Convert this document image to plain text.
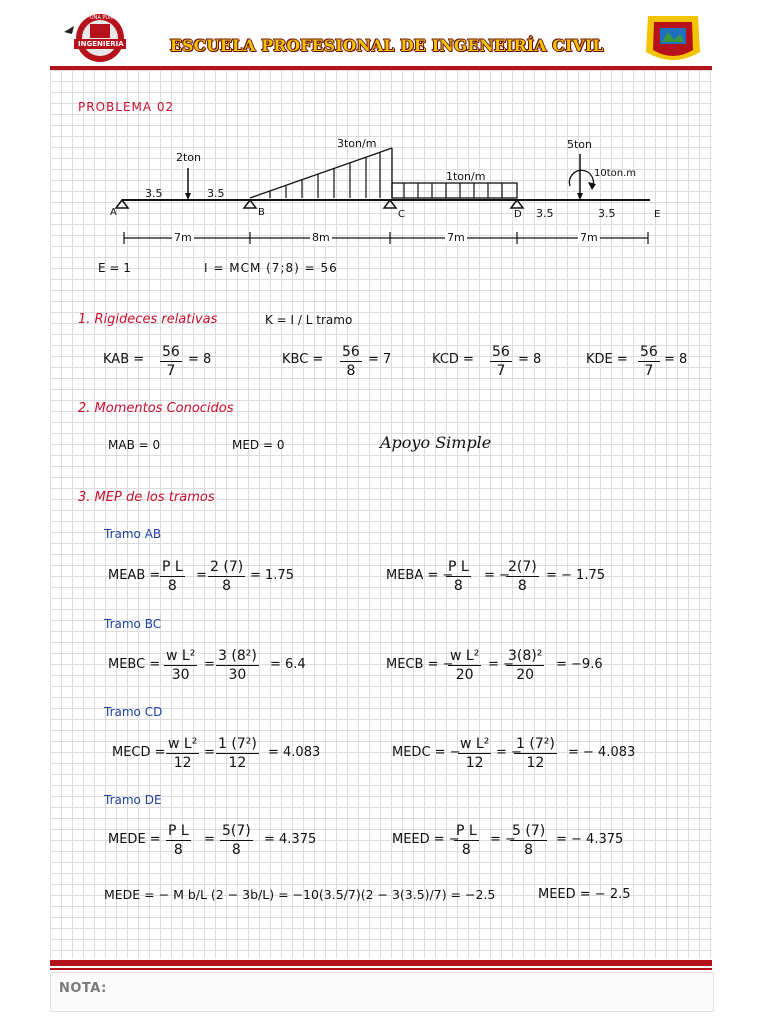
INGENIERIA CIVIL
UNA PUNO
ESCUELA PROFESIONAL DE INGENEIRÍA CIVIL
PROBLEMA 02
2ton
3.5	3.5
3ton/m
1ton/m
5ton
10ton.m
3.5	3.5
A	B	C	D	E
7m	8m	7m	7m
E = 1	I = MCM (7;8) = 56
1. Rigideces relativas	K = I / L tramo
KAB = $\frac{56}{7} = 8$	KBC = $\frac{56}{8} = 7$	KCD = $\frac{56}{7} = 8$	KDE = $\frac{56}{7} = 8$
2. Momentos Conocidos
MAB = 0	MED = 0	Apoyo Simple
3. MEP de los tramos
Tramo AB
MEAB = $\frac{\text{P L}}{8} = \frac{2 (7)}{8} = 1.75$	MEBA = −
$\frac{\text{P L}}{8}$ = −
$\frac{2(7)}{8}$ = − 1.75
Tramo BC
MEBC = $\frac{\text{w L²}}{30} = \frac{\text{3 (8²)}}{30} = 6.4$	MECB = −
$\frac{\text{w L²}}{20}$ = −
$\frac{\text{3(8)²}}{20} = -9.6$
Tramo CD
MECD = $\frac{\text{w L²}}{12} = \frac{\text{1 (7²)}}{12} = 4.083$	MEDC = −
$\frac{\text{w L²}}{12}$ = −
$\frac{\text{1 (7²)}}{12}$ = − 4.083
Tramo DE
MEDE = $\frac{\text{P L}}{8} = \frac{5(7)}{8} = 4.375$	MEED = −
$\frac{\text{P L}}{8}$ = −
$\frac{5 (7)}{8}$ = − 4.375
MEDE = − M b/L (2 − 3b/L) = −10(3.5/7)(2 − 3(3.5)/7) = −2.5	MEED = − 2.5
NOTA:
